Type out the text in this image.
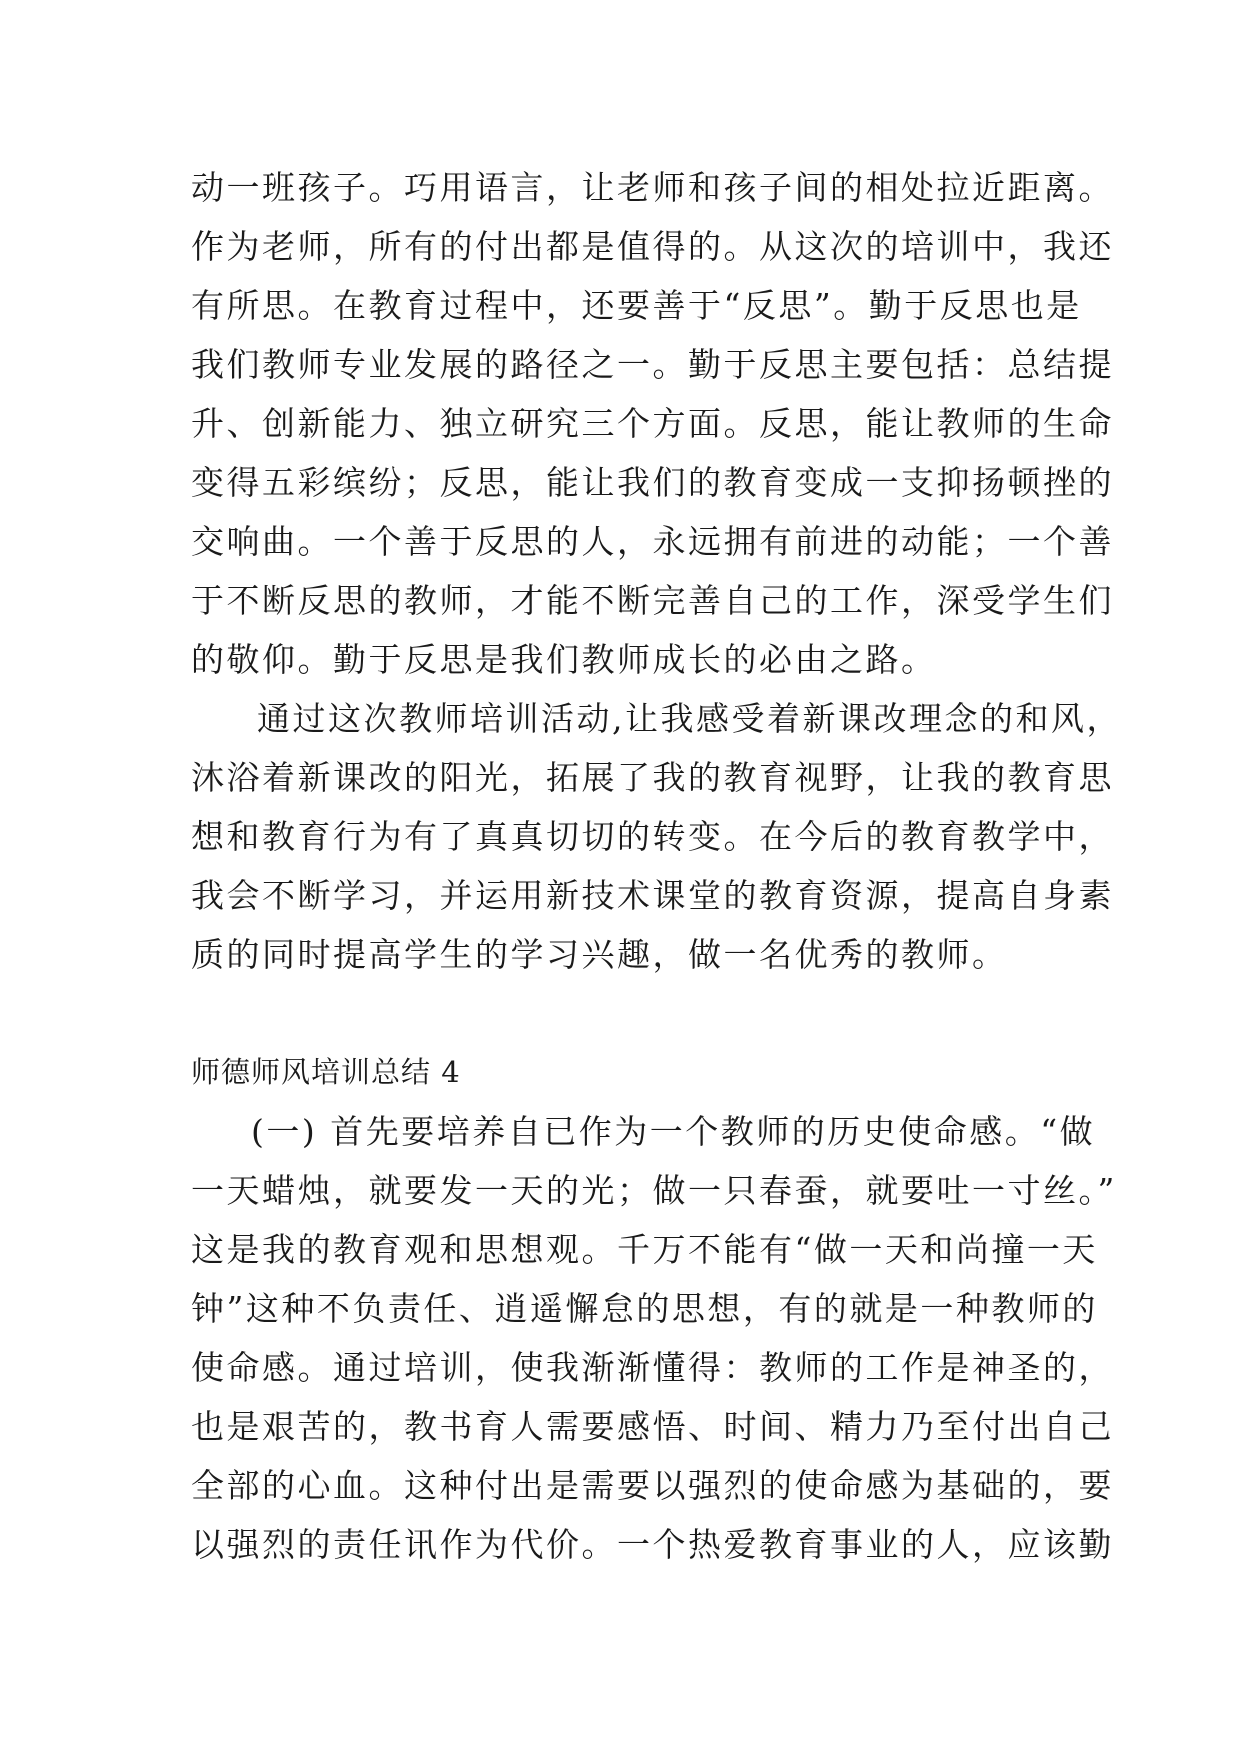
动一班孩子。巧用语言，让老师和孩子间的相处拉近距离。
作为老师，所有的付出都是值得的。从这次的培训中，我还
有所思。在教育过程中，还要善于“反思”。勤于反思也是
我们教师专业发展的路径之一。勤于反思主要包括：总结提
升、创新能力、独立研究三个方面。反思，能让教师的生命
变得五彩缤纷；反思，能让我们的教育变成一支抑扬顿挫的
交响曲。一个善于反思的人，永远拥有前进的动能；一个善
于不断反思的教师，才能不断完善自己的工作，深受学生们
的敬仰。勤于反思是我们教师成长的必由之路。
通过这次教师培训活动,让我感受着新课改理念的和风，
沐浴着新课改的阳光，拓展了我的教育视野，让我的教育思
想和教育行为有了真真切切的转变。在今后的教育教学中，
我会不断学习，并运用新技术课堂的教育资源，提高自身素
质的同时提高学生的学习兴趣，做一名优秀的教师。
师德师风培训总结 4
(一) 首先要培养自已作为一个教师的历史使命感。“做
一天蜡烛，就要发一天的光；做一只春蚕，就要吐一寸丝。”
这是我的教育观和思想观。千万不能有“做一天和尚撞一天
钟”这种不负责任、逍遥懈怠的思想，有的就是一种教师的
使命感。通过培训，使我渐渐懂得：教师的工作是神圣的，
也是艰苦的，教书育人需要感悟、时间、精力乃至付出自己
全部的心血。这种付出是需要以强烈的使命感为基础的，要
以强烈的责任讯作为代价。一个热爱教育事业的人，应该勤
